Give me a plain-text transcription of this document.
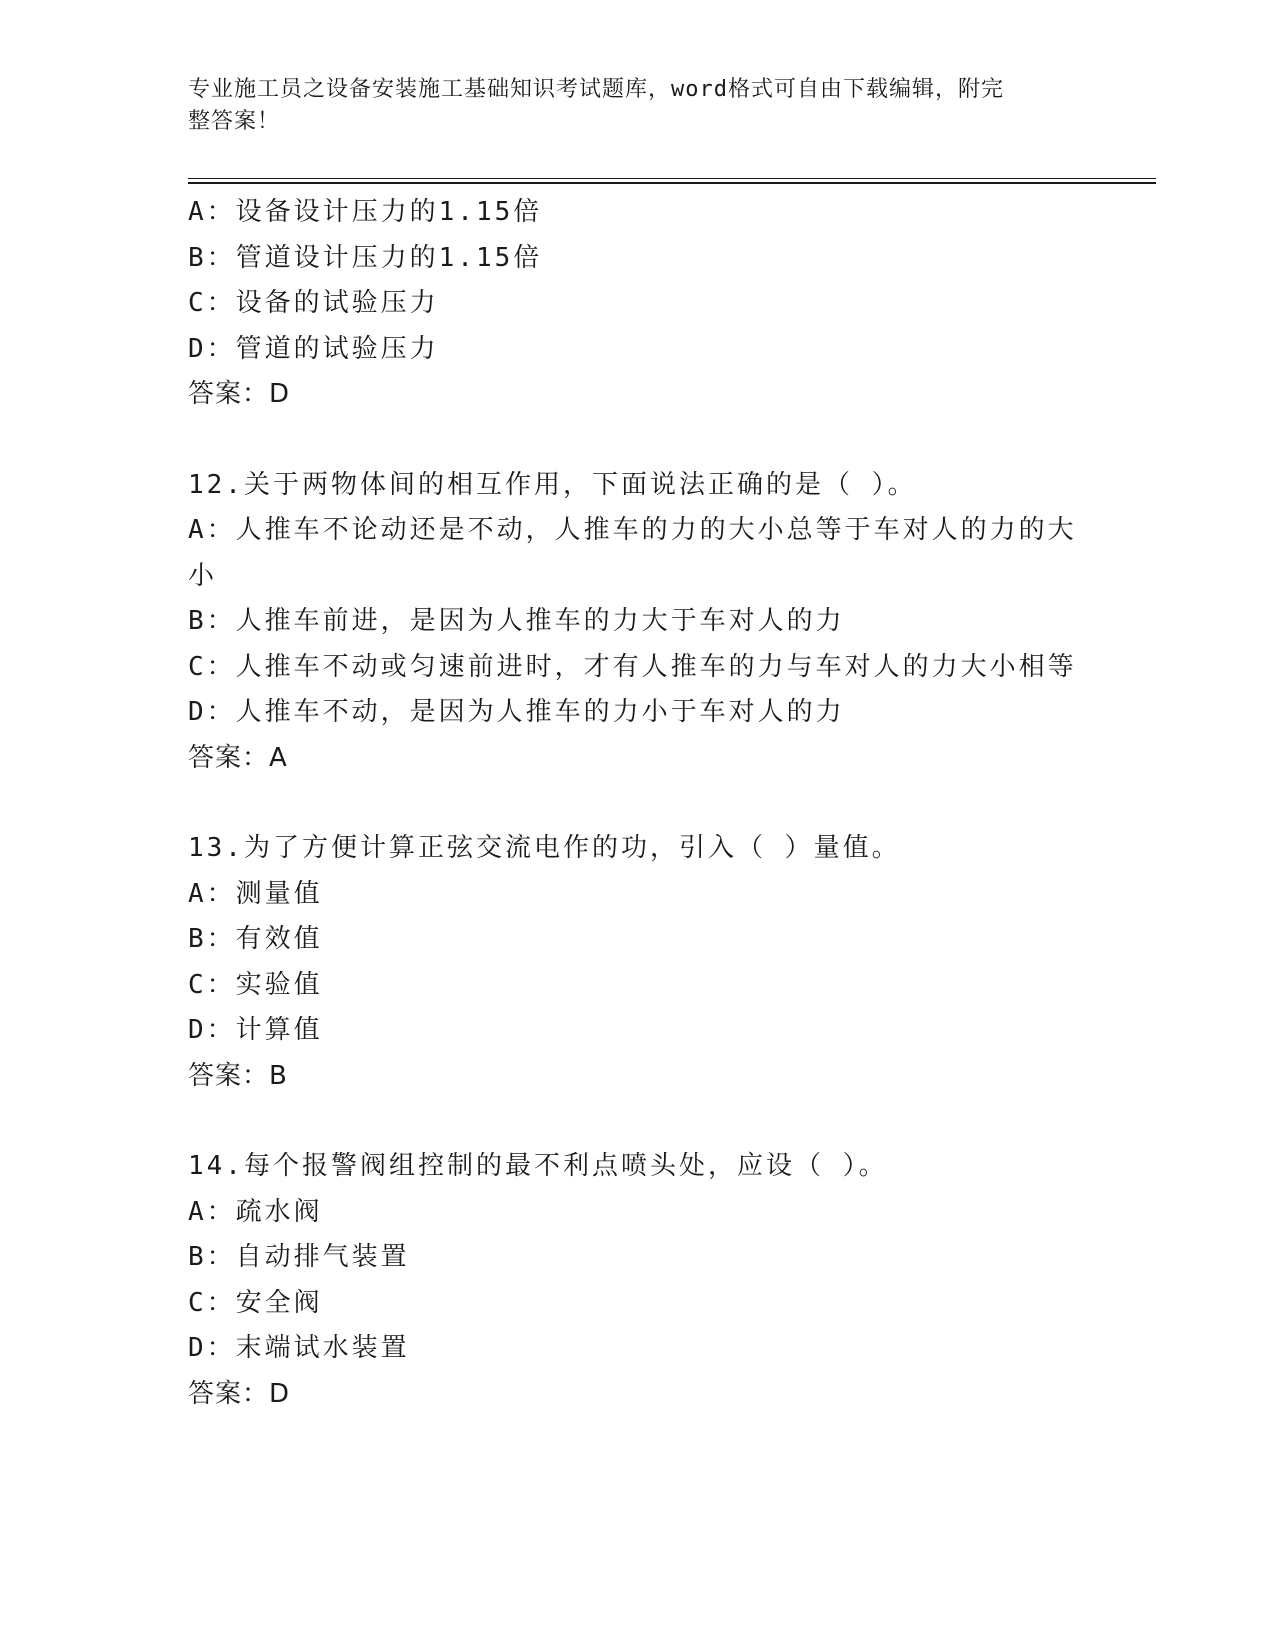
专业施工员之设备安装施工基础知识考试题库，word格式可自由下载编辑，附完
整答案！
A：设备设计压力的1.15倍
B：管道设计压力的1.15倍
C：设备的试验压力
D：管道的试验压力
答案：D
12.关于两物体间的相互作用，下面说法正确的是（ ）。
A：人推车不论动还是不动，人推车的力的大小总等于车对人的力的大
小
B：人推车前进，是因为人推车的力大于车对人的力
C：人推车不动或匀速前进时，才有人推车的力与车对人的力大小相等
D：人推车不动，是因为人推车的力小于车对人的力
答案：A
13.为了方便计算正弦交流电作的功，引入（ ）量值。
A：测量值
B：有效值
C：实验值
D：计算值
答案：B
14.每个报警阀组控制的最不利点喷头处，应设（ ）。
A：疏水阀
B：自动排气装置
C：安全阀
D：末端试水装置
答案：D
